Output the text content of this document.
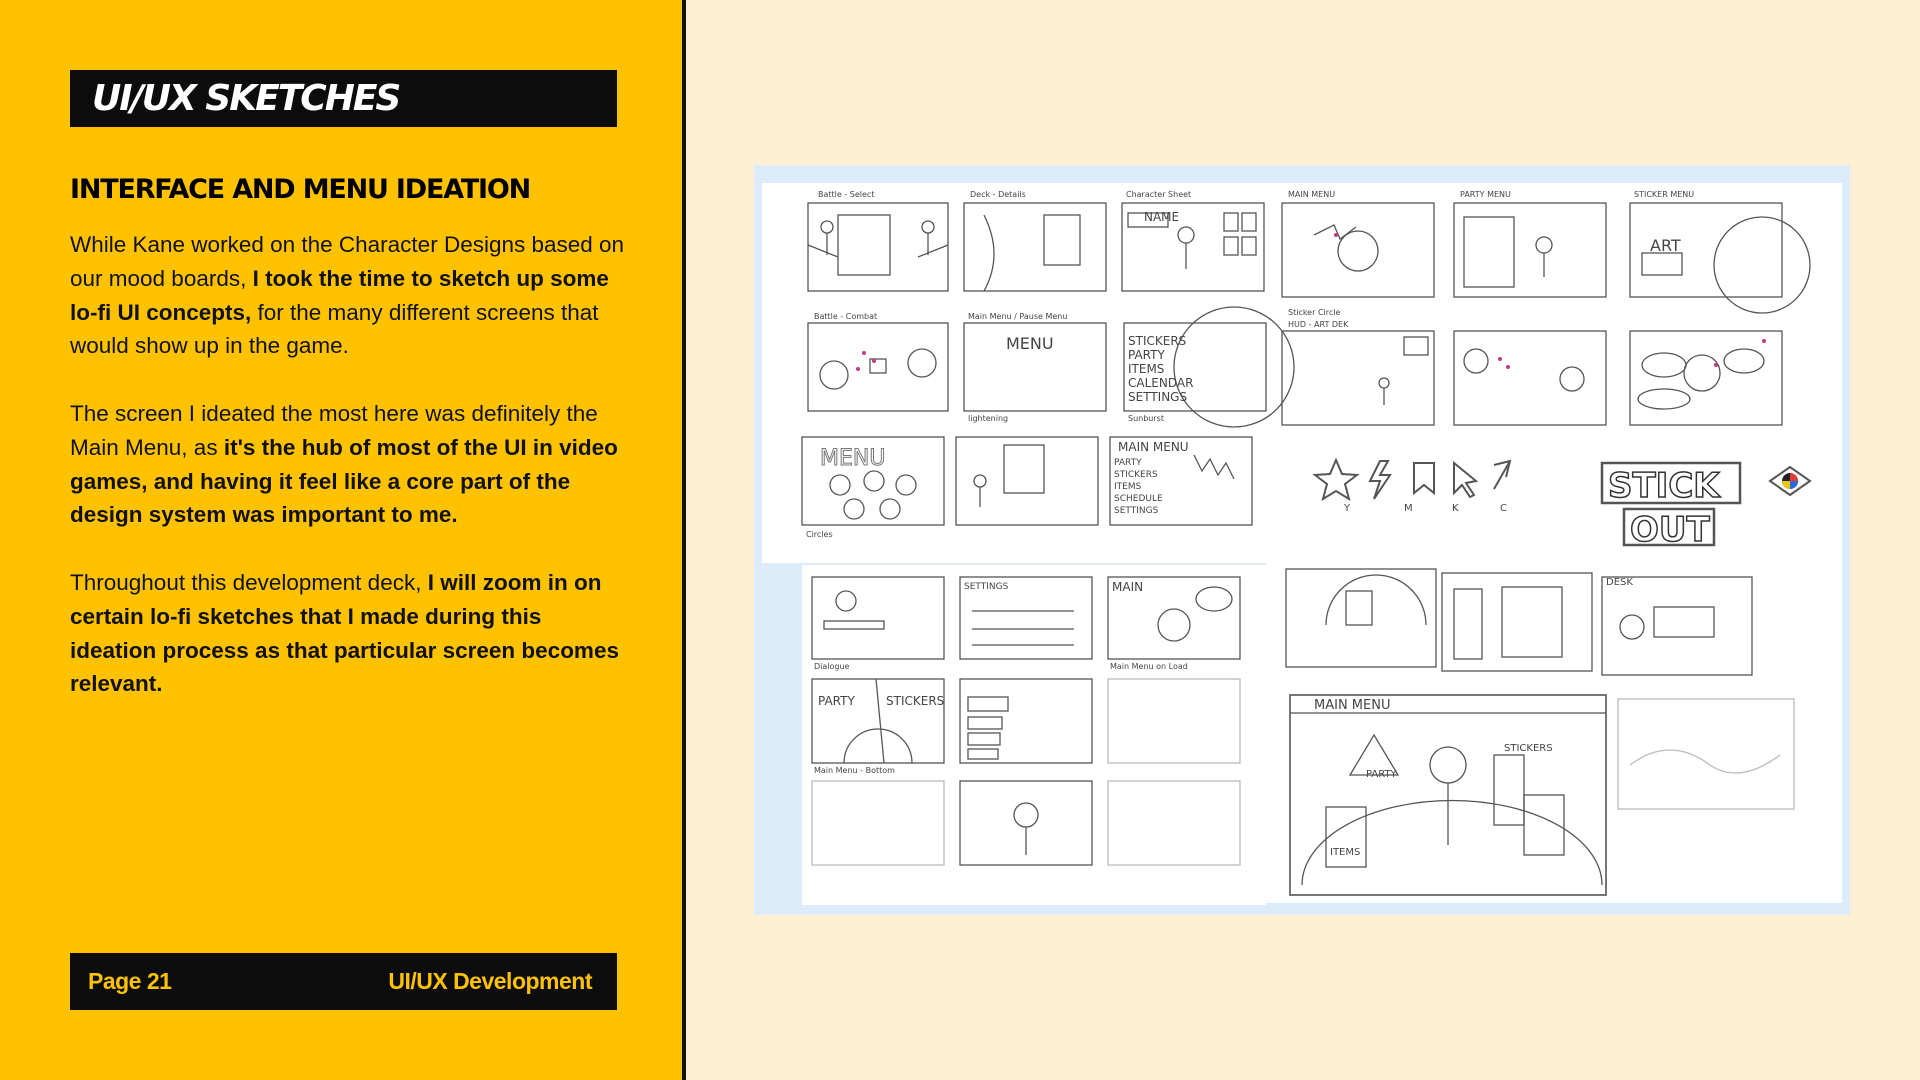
UI/UX SKETCHES
INTERFACE AND MENU IDEATION

While Kane worked on the Character Designs based on our mood boards, I took the time to sketch up some lo-fi UI concepts, for the many different screens that would show up in the game.

The screen I ideated the most here was definitely the Main Menu, as it's the hub of most of the UI in video games, and having it feel like a core part of the design system was important to me.

Throughout this development deck, I will zoom in on certain lo-fi sketches that I made during this ideation process as that particular screen becomes relevant.

Page 21	UI/UX Development
Battle - Select	Deck - Details	Character Sheet	MAIN MENU	PARTY MENU	STICKER MENU
Battle - Combat	Main Menu / Pause Menu	Sticker Circle
HUD - ART DEK
lightening	Sunburst
Circles
Dialogue
Main Menu - Bottom
Main Menu on Load
Y	M	K	C
NAME
MENU	STICKERS
PARTY
ITEMS
CALENDAR
SETTINGS
ART
MENU	MAIN MENU
PARTY
STICKERS
ITEMS
SCHEDULE
SETTINGS
SETTINGS	MAIN
PARTY	STICKERS
DESK
MAIN MENU
STICKERS
PARTY
ITEMS
STICK
OUT
